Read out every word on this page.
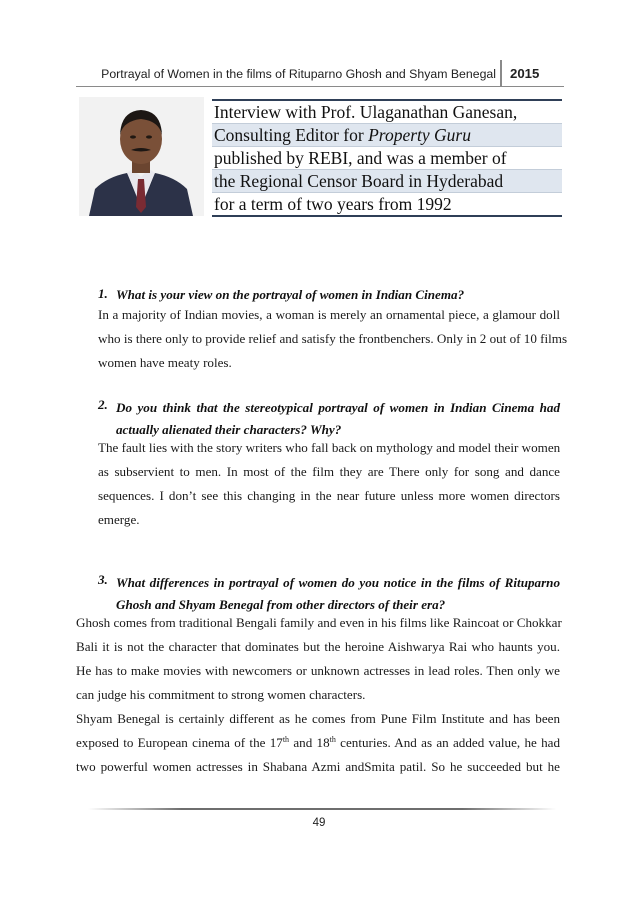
Portrayal of Women in the films of Rituparno Ghosh and Shyam Benegal 2015
Interview with Prof. Ulaganathan Ganesan,
Consulting Editor for Property Guru
published by REBI, and was a member of
the Regional Censor Board in Hyderabad
for a term of two years from 1992
1. What is your view on the portrayal of women in Indian Cinema?
In a majority of Indian movies, a woman is merely an ornamental piece, a glamour doll
who is there only to provide relief and satisfy the frontbenchers. Only in 2 out of 10 films
women have meaty roles.
2. Do you think that the stereotypical portrayal of women in Indian Cinema had
actually alienated their characters? Why?
The fault lies with the story writers who fall back on mythology and model their women
as subservient to men. In most of the film they are There only for song and dance
sequences. I don’t see this changing in the near future unless more women directors
emerge.
3. What differences in portrayal of women do you notice in the films of Rituparno
Ghosh and Shyam Benegal from other directors of their era?
Ghosh comes from traditional Bengali family and even in his films like Raincoat or Chokkar
Bali it is not the character that dominates but the heroine Aishwarya Rai who haunts you.
He has to make movies with newcomers or unknown actresses in lead roles. Then only we
can judge his commitment to strong women characters.
Shyam Benegal is certainly different as he comes from Pune Film Institute and has been
exposed to European cinema of the 17th and 18th centuries. And as an added value, he had
two powerful women actresses in Shabana Azmi andSmita patil. So he succeeded but he
49
